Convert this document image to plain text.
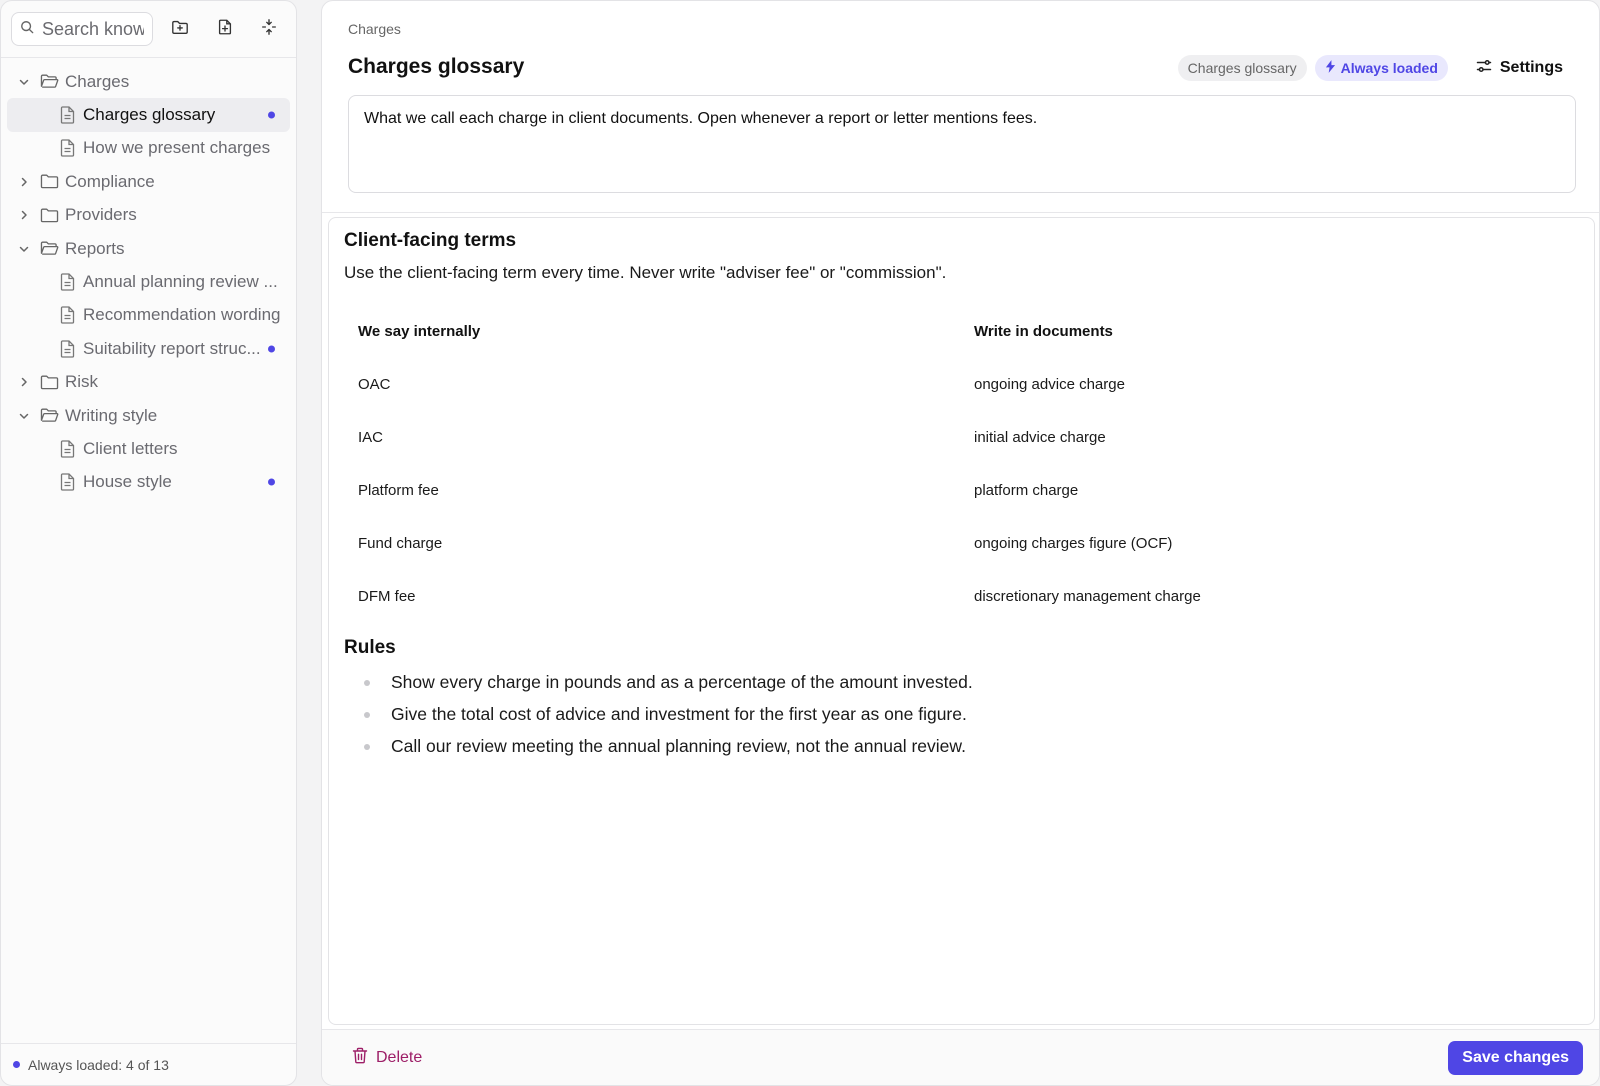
Search knowledge
Charges
Charges glossary
How we present charges
Compliance
Providers
Reports
Annual planning review ...
Recommendation wording
Suitability report struc...
Risk
Writing style
Client letters
House style
Always loaded: 4 of 13
Charges
Charges glossary	Charges glossary	Always loaded	Settings
What we call each charge in client documents. Open whenever a report or letter mentions fees.
Client-facing terms

Use the client-facing term every time. Never write "adviser fee" or "commission".

We say internally	Write in documents
OAC	ongoing advice charge
IAC	initial advice charge
Platform fee	platform charge
Fund charge	ongoing charges figure (OCF)
DFM fee	discretionary management charge
Rules
Show every charge in pounds and as a percentage of the amount invested.
Give the total cost of advice and investment for the first year as one figure.
Call our review meeting the annual planning review, not the annual review.
Delete	Save changes
